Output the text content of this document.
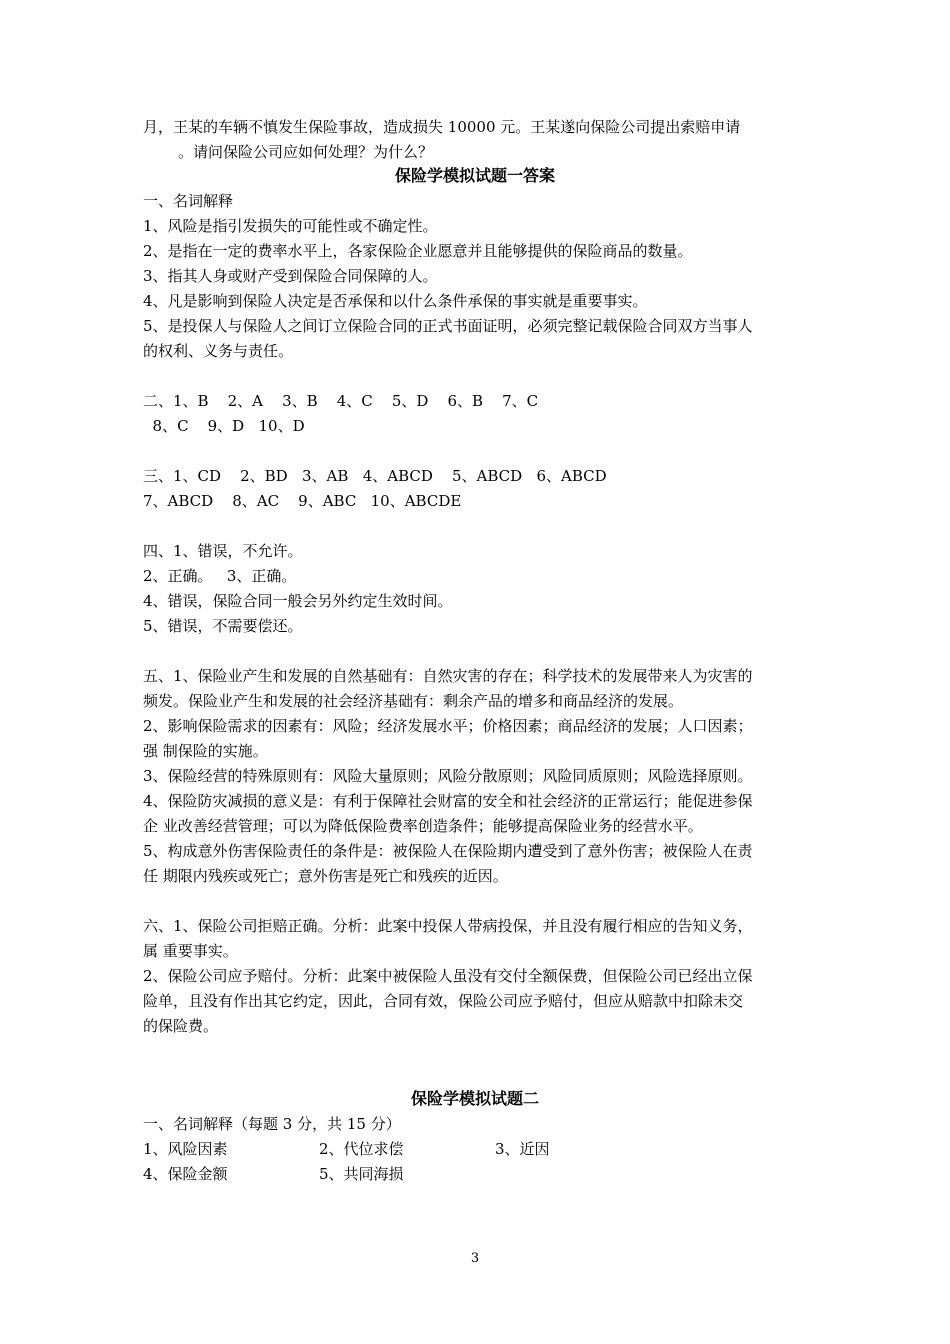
月，王某的车辆不慎发生保险事故，造成损失 10000 元。王某遂向保险公司提出索赔申请

。请问保险公司应如何处理？为什么？

保险学模拟试题一答案

一、名词解释

1、风险是指引发损失的可能性或不确定性。

2、是指在一定的费率水平上，各家保险企业愿意并且能够提供的保险商品的数量。

3、指其人身或财产受到保险合同保障的人。

4、凡是影响到保险人决定是否承保和以什么条件承保的事实就是重要事实。

5、是投保人与保险人之间订立保险合同的正式书面证明，必须完整记载保险合同双方当事人

的权利、义务与责任。

二、1、B    2、A    3、B    4、C    5、D    6、B    7、C

8、C    9、D   10、D

三、1、CD    2、BD   3、AB   4、ABCD    5、ABCD   6、ABCD

7、ABCD    8、AC    9、ABC   10、ABCDE

四、1、错误，不允许。

2、正确。   3、正确。

4、错误，保险合同一般会另外约定生效时间。

5、错误，不需要偿还。

五、1、保险业产生和发展的自然基础有：自然灾害的存在；科学技术的发展带来人为灾害的

频发。保险业产生和发展的社会经济基础有：剩余产品的增多和商品经济的发展。

2、影响保险需求的因素有：风险；经济发展水平；价格因素；商品经济的发展；人口因素；

强 制保险的实施。

3、保险经营的特殊原则有：风险大量原则；风险分散原则；风险同质原则；风险选择原则。

4、保险防灾减损的意义是：有利于保障社会财富的安全和社会经济的正常运行；能促进参保

企 业改善经营管理；可以为降低保险费率创造条件；能够提高保险业务的经营水平。

5、构成意外伤害保险责任的条件是：被保险人在保险期内遭受到了意外伤害；被保险人在责

任 期限内残疾或死亡；意外伤害是死亡和残疾的近因。

六、1、保险公司拒赔正确。分析：此案中投保人带病投保，并且没有履行相应的告知义务，

属 重要事实。

2、保险公司应予赔付。分析：此案中被保险人虽没有交付全额保费，但保险公司已经出立保

险单，且没有作出其它约定，因此，合同有效，保险公司应予赔付，但应从赔款中扣除未交

的保险费。

保险学模拟试题二

一、名词解释（每题 3 分，共 15 分）

1、风险因素	2、代位求偿	3、近因

4、保险金额	5、共同海损

3
